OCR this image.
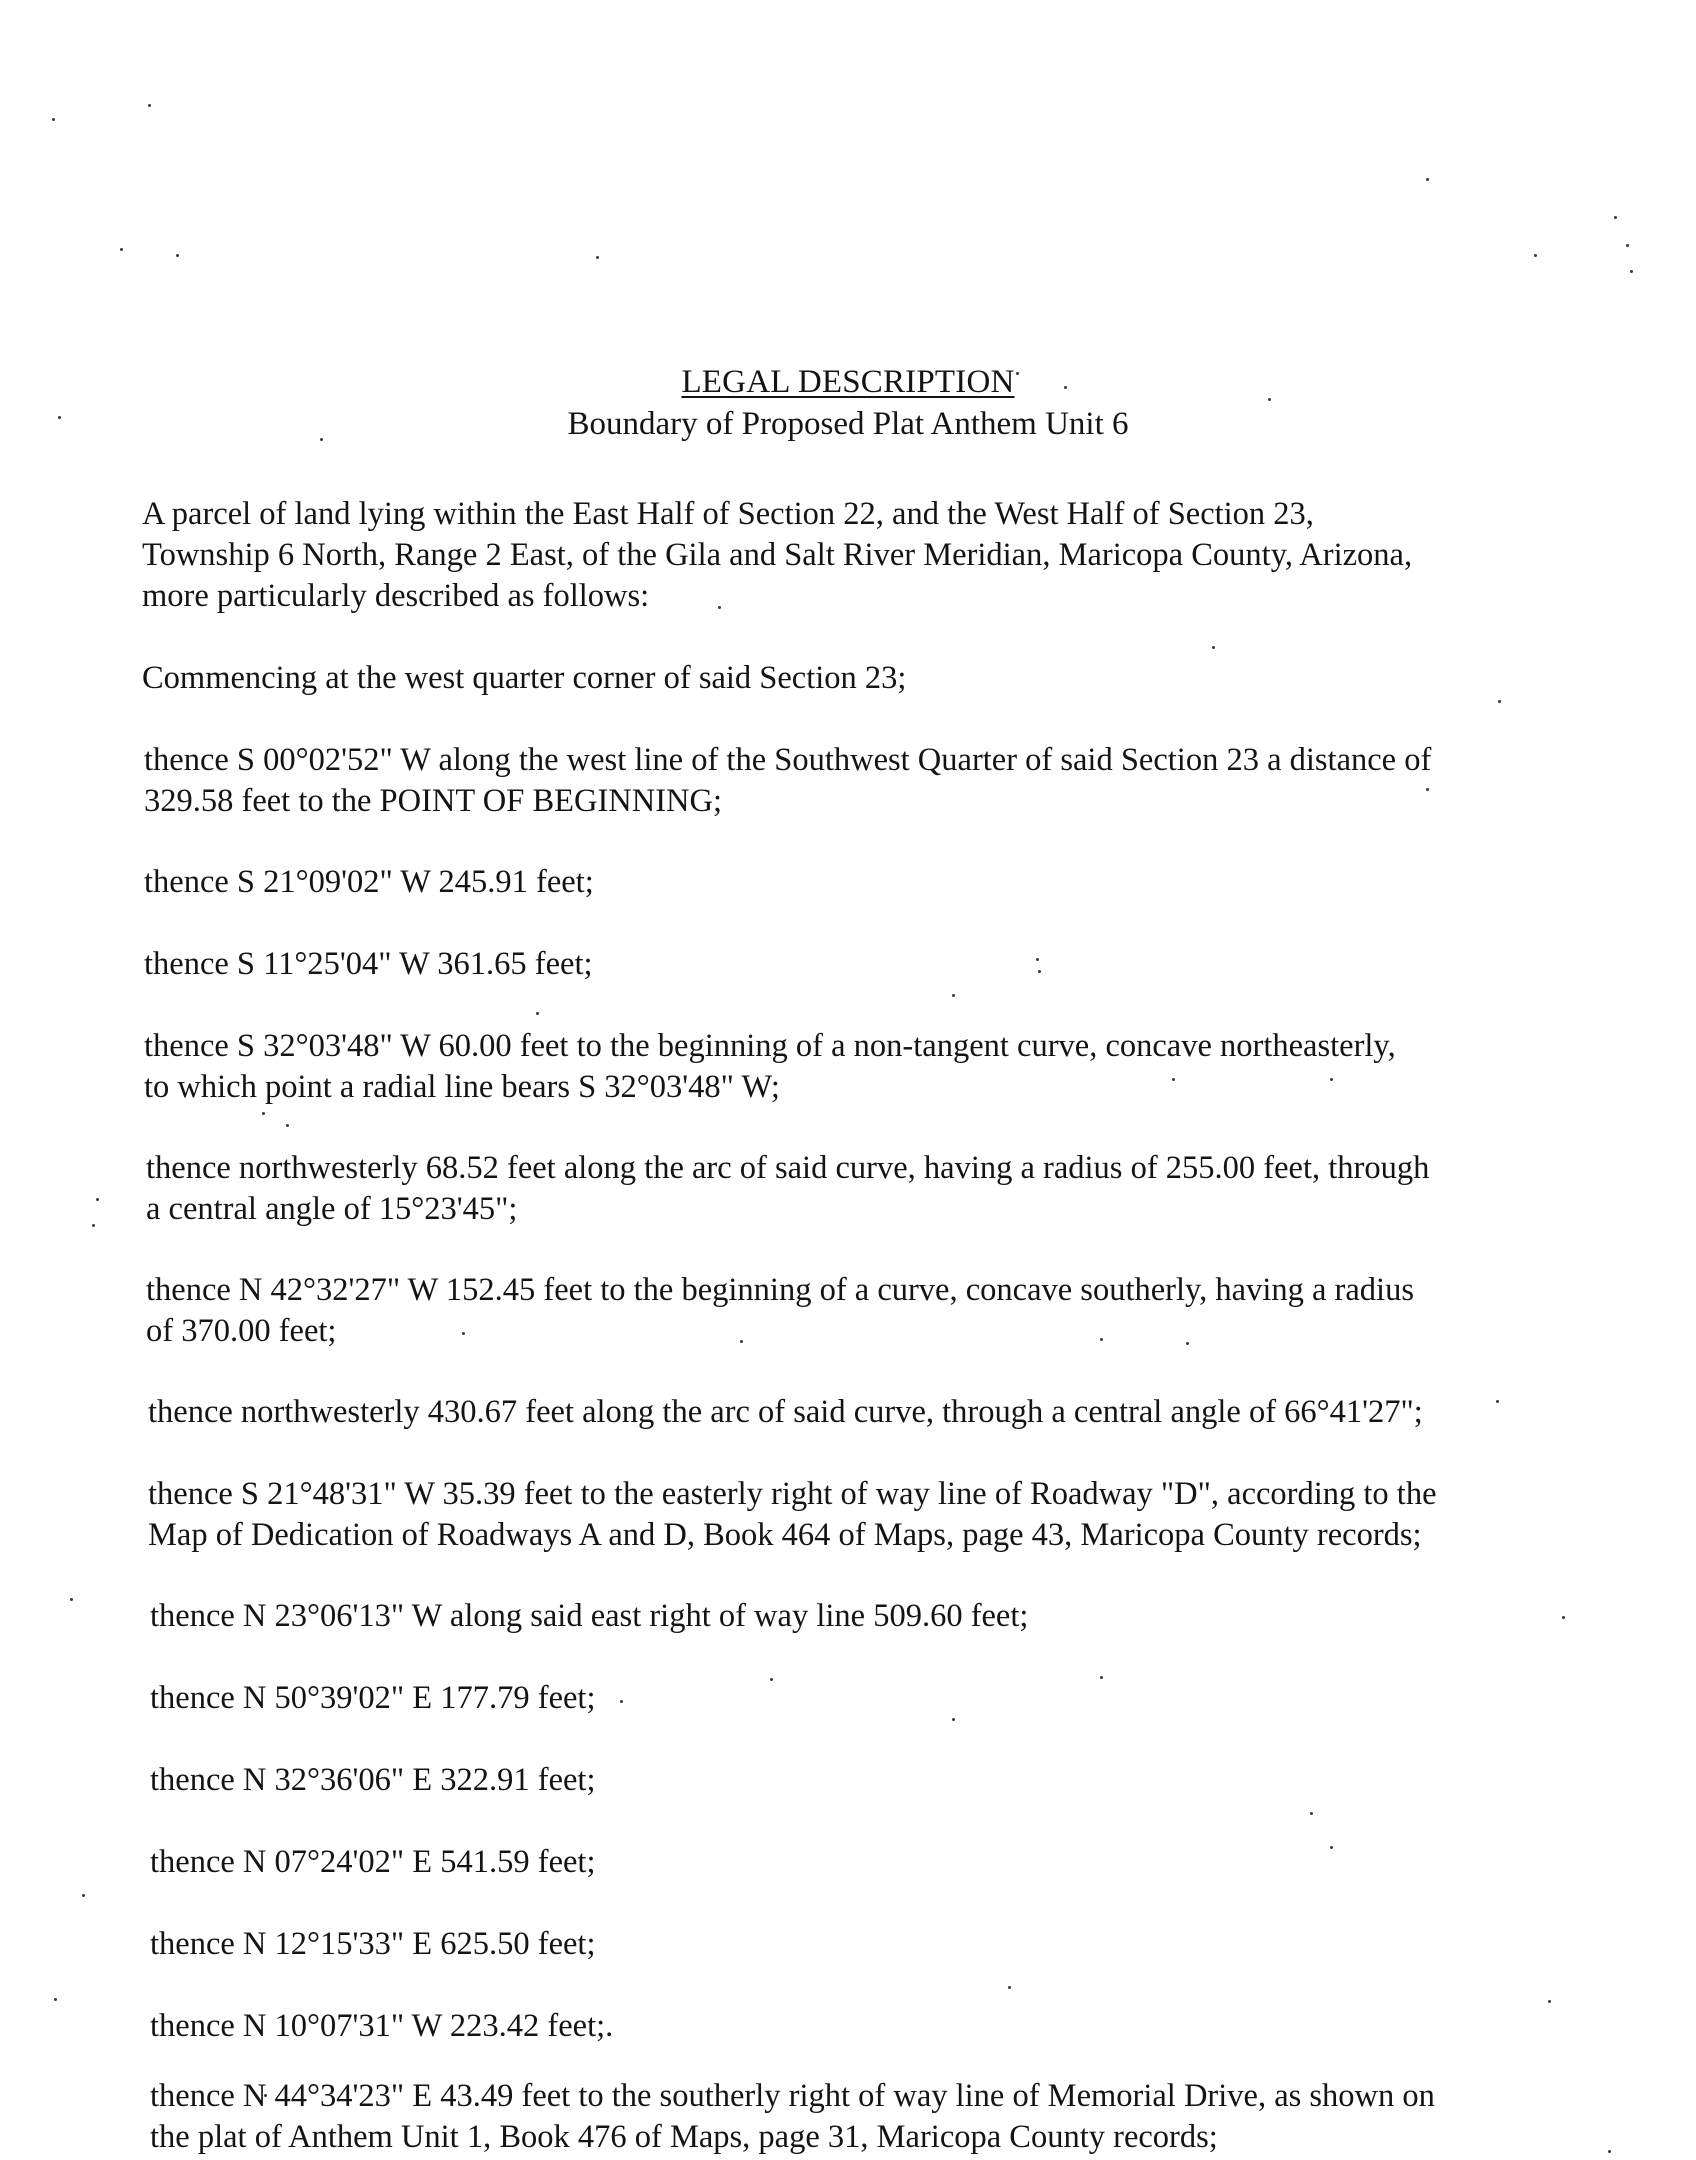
LEGAL DESCRIPTION
Boundary of Proposed Plat Anthem Unit 6
A parcel of land lying within the East Half of Section 22, and the West Half of Section 23,
Township 6 North, Range 2 East, of the Gila and Salt River Meridian, Maricopa County, Arizona,
more particularly described as follows:
Commencing at the west quarter corner of said Section 23;
thence S 00°02'52" W along the west line of the Southwest Quarter of said Section 23 a distance of
329.58 feet to the POINT OF BEGINNING;
thence S 21°09'02" W 245.91 feet;
thence S 11°25'04" W 361.65 feet;
thence S 32°03'48" W 60.00 feet to the beginning of a non-tangent curve, concave northeasterly,
to which point a radial line bears S 32°03'48" W;
thence northwesterly 68.52 feet along the arc of said curve, having a radius of 255.00 feet, through
a central angle of 15°23'45";
thence N 42°32'27" W 152.45 feet to the beginning of a curve, concave southerly, having a radius
of 370.00 feet;
thence northwesterly 430.67 feet along the arc of said curve, through a central angle of 66°41'27";
thence S 21°48'31" W 35.39 feet to the easterly right of way line of Roadway "D", according to the
Map of Dedication of Roadways A and D, Book 464 of Maps, page 43, Maricopa County records;
thence N 23°06'13" W along said east right of way line 509.60 feet;
thence N 50°39'02" E 177.79 feet;
thence N 32°36'06" E 322.91 feet;
thence N 07°24'02" E 541.59 feet;
thence N 12°15'33" E 625.50 feet;
thence N 10°07'31" W 223.42 feet;.
thence N 44°34'23" E 43.49 feet to the southerly right of way line of Memorial Drive, as shown on
the plat of Anthem Unit 1, Book 476 of Maps, page 31, Maricopa County records;
